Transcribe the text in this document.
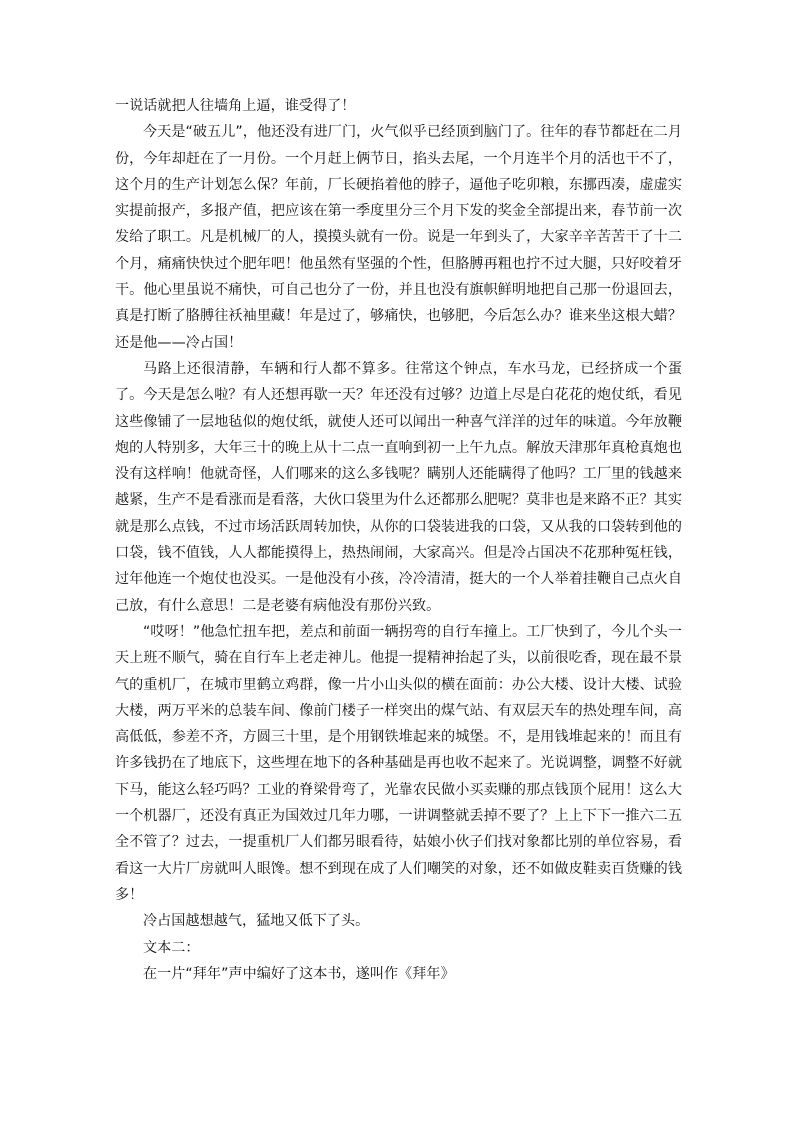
一说话就把人往墙角上逼，谁受得了！

今天是“破五儿”，他还没有进厂门，火气似乎已经顶到脑门了。往年的春节都赶在二月份，今年却赶在了一月份。一个月赶上俩节日，掐头去尾，一个月连半个月的活也干不了，这个月的生产计划怎么保？年前，厂长硬掐着他的脖子，逼他子吃卯粮，东挪西凑，虚虚实实提前报产，多报产值，把应该在第一季度里分三个月下发的奖金全部提出来，春节前一次发给了职工。凡是机械厂的人，摸摸头就有一份。说是一年到头了，大家辛辛苦苦干了十二个月，痛痛快快过个肥年吧！他虽然有坚强的个性，但胳膊再粗也拧不过大腿，只好咬着牙干。他心里虽说不痛快，可自己也分了一份，并且也没有旗帜鲜明地把自己那一份退回去，真是打断了胳膊往袄袖里藏！年是过了，够痛快，也够肥，今后怎么办？谁来坐这根大蜡？还是他——冷占国！

马路上还很清静，车辆和行人都不算多。往常这个钟点，车水马龙，已经挤成一个蛋了。今天是怎么啦？有人还想再歇一天？年还没有过够？边道上尽是白花花的炮仗纸，看见这些像铺了一层地毡似的炮仗纸，就使人还可以闻出一种喜气洋洋的过年的味道。今年放鞭炮的人特别多，大年三十的晚上从十二点一直响到初一上午九点。解放天津那年真枪真炮也没有这样响！他就奇怪，人们哪来的这么多钱呢？瞒别人还能瞒得了他吗？工厂里的钱越来越紧，生产不是看涨而是看落，大伙口袋里为什么还都那么肥呢？莫非也是来路不正？其实就是那么点钱，不过市场活跃周转加快，从你的口袋装进我的口袋，又从我的口袋转到他的口袋，钱不值钱，人人都能摸得上，热热闹闹，大家高兴。但是冷占国决不花那种冤枉钱，过年他连一个炮仗也没买。一是他没有小孩，冷冷清清，挺大的一个人举着挂鞭自己点火自己放，有什么意思！二是老婆有病他没有那份兴致。

“哎呀！”他急忙扭车把，差点和前面一辆拐弯的自行车撞上。工厂快到了，今儿个头一天上班不顺气，骑在自行车上老走神儿。他提一提精神抬起了头，以前很吃香，现在最不景气的重机厂，在城市里鹤立鸡群，像一片小山头似的横在面前：办公大楼、设计大楼、试验大楼，两万平米的总装车间、像前门楼子一样突出的煤气站、有双层天车的热处理车间，高高低低，参差不齐，方圆三十里，是个用钢铁堆起来的城堡。不，是用钱堆起来的！而且有许多钱扔在了地底下，这些埋在地下的各种基础是再也收不起来了。光说调整，调整不好就下马，能这么轻巧吗？工业的脊梁骨弯了，光靠农民做小买卖赚的那点钱顶个屁用！这么大一个机器厂，还没有真正为国效过几年力哪，一讲调整就丢掉不要了？上上下下一推六二五全不管了？过去，一提重机厂人们都另眼看待，姑娘小伙子们找对象都比别的单位容易，看看这一大片厂房就叫人眼馋。想不到现在成了人们嘲笑的对象，还不如做皮鞋卖百货赚的钱多！

冷占国越想越气，猛地又低下了头。

文本二：

在一片“拜年”声中编好了这本书，遂叫作《拜年》
